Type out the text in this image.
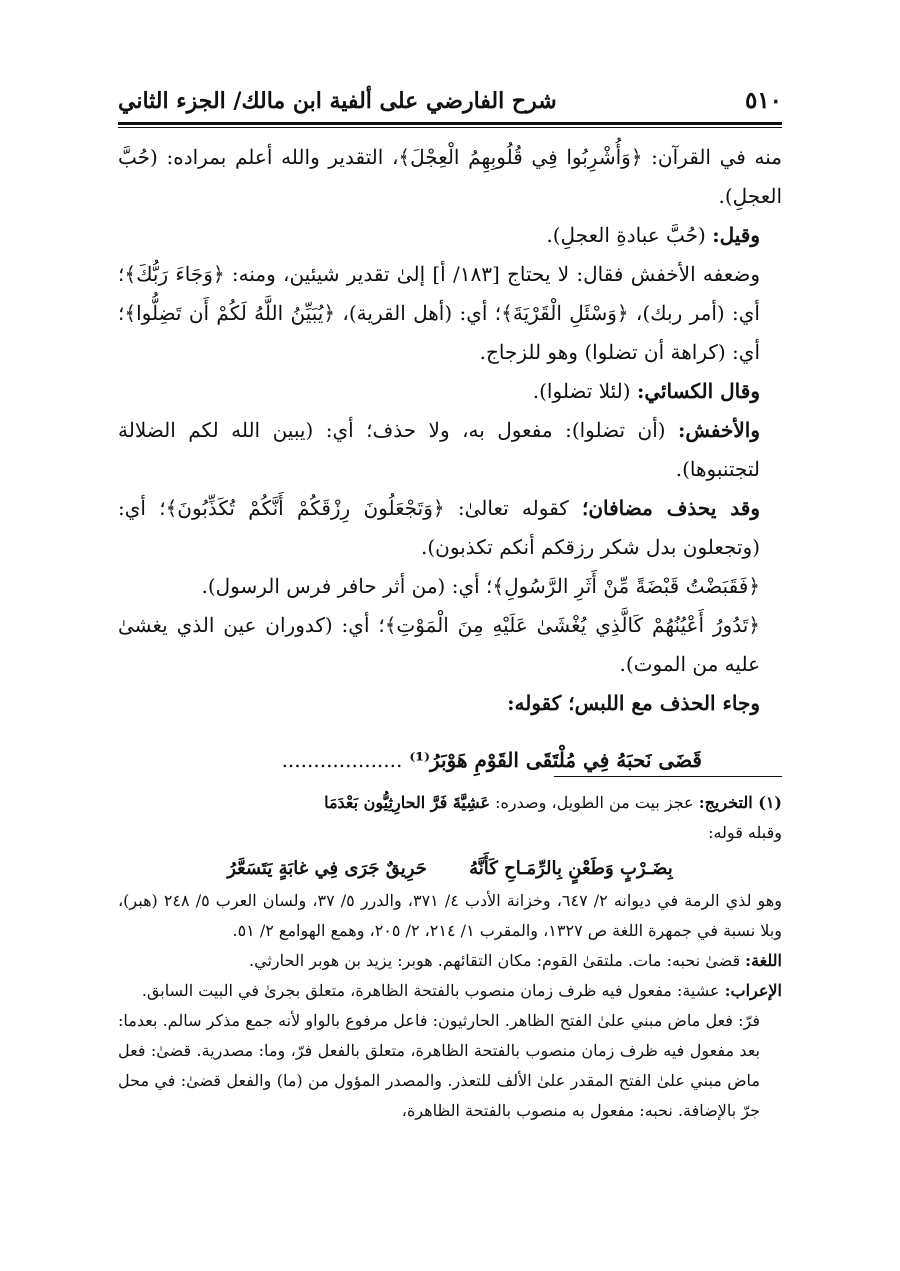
٥١٠
شرح الفارضي على ألفية ابن مالك/ الجزء الثاني

منه في القرآن: ﴿وَأُشْرِبُوا فِي قُلُوبِهِمُ الْعِجْلَ﴾، التقدير والله أعلم بمراده: (حُبَّ العجلِ).

وقيل: (حُبَّ عبادةِ العجلِ).

وضعفه الأخفش فقال: لا يحتاج [١٨٣/ أ] إلىٰ تقدير شيئين، ومنه: ﴿وَجَاءَ رَبُّكَ﴾؛ أي: (أمر ربك)، ﴿وَسْئَلِ الْقَرْيَةَ﴾؛ أي: (أهل القرية)، ﴿يُبَيِّنُ اللَّهُ لَكُمْ أَن تَضِلُّوا﴾؛ أي: (كراهة أن تضلوا) وهو للزجاج.

وقال الكسائي: (لئلا تضلوا).

والأخفش: (أن تضلوا): مفعول به، ولا حذف؛ أي: (يبين الله لكم الضلالة لتجتنبوها).

وقد يحذف مضافان؛ كقوله تعالىٰ: ﴿وَتَجْعَلُونَ رِزْقَكُمْ أَنَّكُمْ تُكَذِّبُونَ﴾؛ أي: (وتجعلون بدل شكر رزقكم أنكم تكذبون).

﴿فَقَبَضْتُ قَبْضَةً مِّنْ أَثَرِ الرَّسُولِ﴾؛ أي: (من أثر حافر فرس الرسول).

﴿تَدُورُ أَعْيُنُهُمْ كَالَّذِي يُغْشَىٰ عَلَيْهِ مِنَ الْمَوْتِ﴾؛ أي: (كدوران عين الذي يغشىٰ عليه من الموت).

وجاء الحذف مع اللبس؛ كقوله:

قَضَى نَحبَهُ فِي مُلْتَقَى القَوْمِ هَوْبَرُ⁽¹⁾ ...................

(١) التخريج: عجز بيت من الطويل، وصدره: عَشِيَّةَ فَرَّ الحارِثِيُّون بَعْدَمَا

وقبله قوله:

بِضَـرْبٍ وَطَعْنٍ بِالرِّمَـاحِ كَأَنَّهُ حَرِيقٌ جَرَى فِي غابَةٍ يَتَسَعَّرُ

وهو لذي الرمة في ديوانه ٢/ ٦٤٧، وخزانة الأدب ٤/ ٣٧١، والدرر ٥/ ٣٧، ولسان العرب ٥/ ٢٤٨ (هبر)، وبلا نسبة في جمهرة اللغة ص ١٣٢٧، والمقرب ١/ ٢١٤، ٢/ ٢٠٥، وهمع الهوامع ٢/ ٥١.

اللغة: قضىٰ نحبه: مات. ملتقىٰ القوم: مكان التقائهم. هوبر: يزيد بن هوبر الحارثي.

الإعراب: عشية: مفعول فيه ظرف زمان منصوب بالفتحة الظاهرة، متعلق بجرىٰ في البيت السابق.

فرّ: فعل ماض مبني علىٰ الفتح الظاهر. الحارثيون: فاعل مرفوع بالواو لأنه جمع مذكر سالم. بعدما: بعد مفعول فيه ظرف زمان منصوب بالفتحة الظاهرة، متعلق بالفعل فرّ، وما: مصدرية. قضىٰ: فعل ماض مبني علىٰ الفتح المقدر علىٰ الألف للتعذر. والمصدر المؤول من (ما) والفعل قضىٰ: في محل جرّ بالإضافة. نحبه: مفعول به منصوب بالفتحة الظاهرة،
